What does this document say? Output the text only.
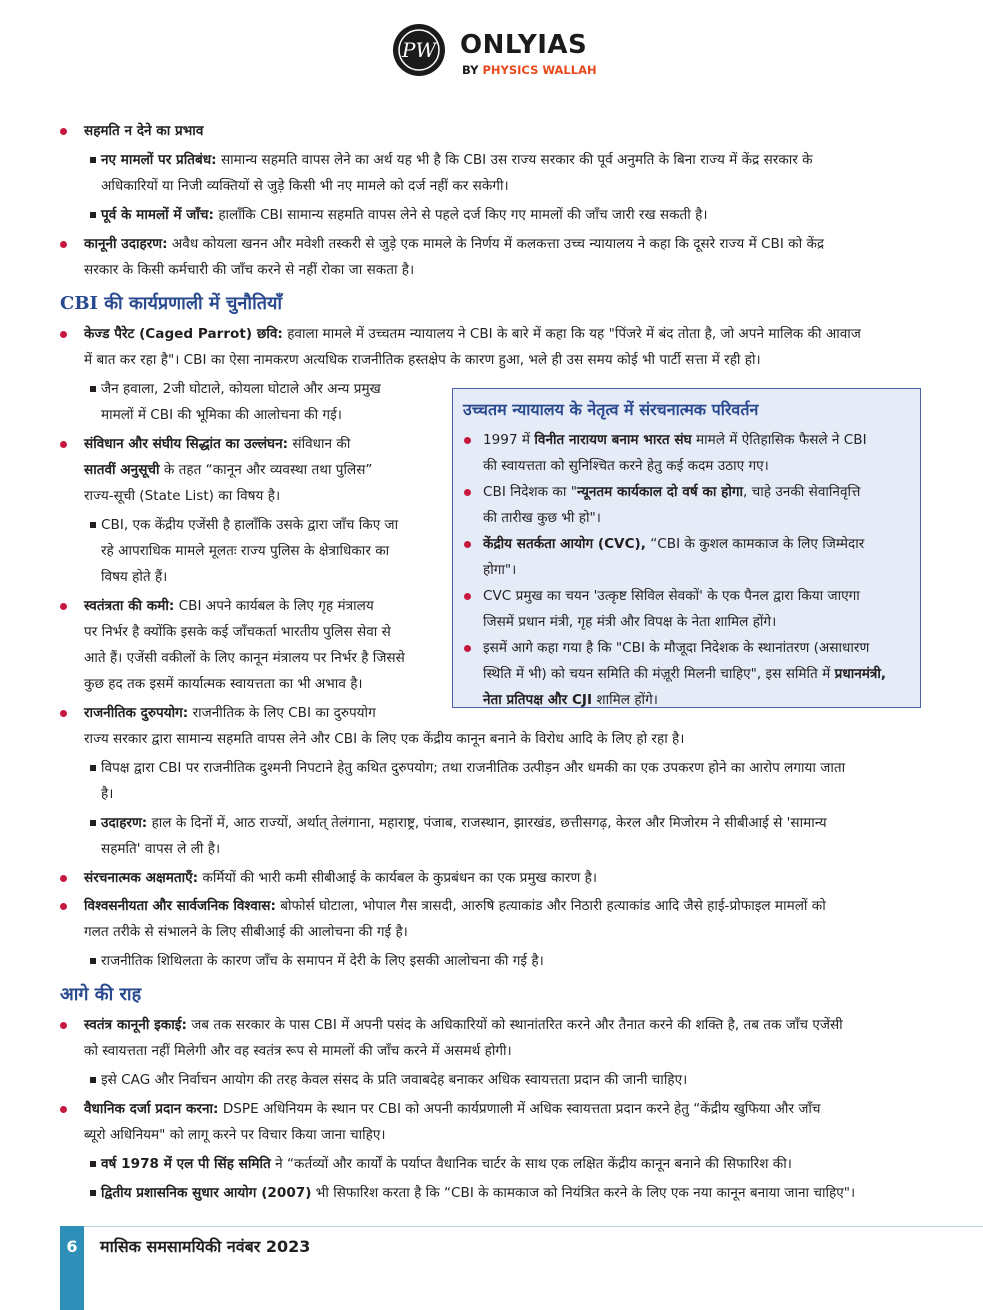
PW ONLYIAS
BY PHYSICS WALLAH
सहमति न देने का प्रभाव
नए मामलों पर प्रतिबंध: सामान्य सहमति वापस लेने का अर्थ यह भी है कि CBI उस राज्य सरकार की पूर्व अनुमति के बिना राज्य में केंद्र सरकार के
अधिकारियों या निजी व्यक्तियों से जुड़े किसी भी नए मामले को दर्ज नहीं कर सकेगी।
पूर्व के मामलों में जाँच: हालाँकि CBI सामान्य सहमति वापस लेने से पहले दर्ज किए गए मामलों की जाँच जारी रख सकती है।
कानूनी उदाहरण: अवैध कोयला खनन और मवेशी तस्करी से जुड़े एक मामले के निर्णय में कलकत्ता उच्च न्यायालय ने कहा कि दूसरे राज्य में CBI को केंद्र
सरकार के किसी कर्मचारी की जाँच करने से नहीं रोका जा सकता है।
CBI की कार्यप्रणाली में चुनौतियाँ
केज्ड पैरेट (Caged Parrot) छवि: हवाला मामले में उच्चतम न्यायालय ने CBI के बारे में कहा कि यह "पिंजरे में बंद तोता है, जो अपने मालिक की आवाज
में बात कर रहा है"। CBI का ऐसा नामकरण अत्यधिक राजनीतिक हस्तक्षेप के कारण हुआ, भले ही उस समय कोई भी पार्टी सत्ता में रही हो।
जैन हवाला, 2जी घोटाले, कोयला घोटाले और अन्य प्रमुख
मामलों में CBI की भूमिका की आलोचना की गई।
संविधान और संघीय सिद्धांत का उल्लंघन: संविधान की
सातवीं अनुसूची के तहत “कानून और व्यवस्था तथा पुलिस”
राज्य-सूची (State List) का विषय है।
CBI, एक केंद्रीय एजेंसी है हालाँकि उसके द्वारा जाँच किए जा
रहे आपराधिक मामले मूलतः राज्य पुलिस के क्षेत्राधिकार का
विषय होते हैं।
स्वतंत्रता की कमी: CBI अपने कार्यबल के लिए गृह मंत्रालय
पर निर्भर है क्योंकि इसके कई जाँचकर्ता भारतीय पुलिस सेवा से
आते हैं। एजेंसी वकीलों के लिए कानून मंत्रालय पर निर्भर है जिससे
कुछ हद तक इसमें कार्यात्मक स्वायत्तता का भी अभाव है।
राजनीतिक दुरुपयोग: राजनीतिक के लिए CBI का दुरुपयोग
राज्य सरकार द्वारा सामान्य सहमति वापस लेने और CBI के लिए एक केंद्रीय कानून बनाने के विरोध आदि के लिए हो रहा है।
विपक्ष द्वारा CBI पर राजनीतिक दुश्मनी निपटाने हेतु कथित दुरुपयोग; तथा राजनीतिक उत्पीड़न और धमकी का एक उपकरण होने का आरोप लगाया जाता
है।
उदाहरण: हाल के दिनों में, आठ राज्यों, अर्थात् तेलंगाना, महाराष्ट्र, पंजाब, राजस्थान, झारखंड, छत्तीसगढ़, केरल और मिजोरम ने सीबीआई से 'सामान्य
सहमति' वापस ले ली है।
संरचनात्मक अक्षमताएँ: कर्मियों की भारी कमी सीबीआई के कार्यबल के कुप्रबंधन का एक प्रमुख कारण है।
विश्वसनीयता और सार्वजनिक विश्वास: बोफोर्स घोटाला, भोपाल गैस त्रासदी, आरुषि हत्याकांड और निठारी हत्याकांड आदि जैसे हाई-प्रोफाइल मामलों को
गलत तरीके से संभालने के लिए सीबीआई की आलोचना की गई है।
राजनीतिक शिथिलता के कारण जाँच के समापन में देरी के लिए इसकी आलोचना की गई है।
आगे की राह
स्वतंत्र कानूनी इकाई: जब तक सरकार के पास CBI में अपनी पसंद के अधिकारियों को स्थानांतरित करने और तैनात करने की शक्ति है, तब तक जाँच एजेंसी
को स्वायत्तता नहीं मिलेगी और वह स्वतंत्र रूप से मामलों की जाँच करने में असमर्थ होगी।
इसे CAG और निर्वाचन आयोग की तरह केवल संसद के प्रति जवाबदेह बनाकर अधिक स्वायत्तता प्रदान की जानी चाहिए।
वैधानिक दर्जा प्रदान करना: DSPE अधिनियम के स्थान पर CBI को अपनी कार्यप्रणाली में अधिक स्वायत्तता प्रदान करने हेतु “केंद्रीय खुफिया और जाँच
ब्यूरो अधिनियम" को लागू करने पर विचार किया जाना चाहिए।
वर्ष 1978 में एल पी सिंह समिति ने “कर्तव्यों और कार्यों के पर्याप्त वैधानिक चार्टर के साथ एक लक्षित केंद्रीय कानून बनाने की सिफारिश की।
द्वितीय प्रशासनिक सुधार आयोग (2007) भी सिफारिश करता है कि “CBI के कामकाज को नियंत्रित करने के लिए एक नया कानून बनाया जाना चाहिए"।
उच्चतम न्यायालय के नेतृत्व में संरचनात्मक परिवर्तन
1997 में विनीत नारायण बनाम भारत संघ मामले में ऐतिहासिक फैसले ने CBI
की स्वायत्तता को सुनिश्चित करने हेतु कई कदम उठाए गए।
CBI निदेशक का "न्यूनतम कार्यकाल दो वर्ष का होगा, चाहे उनकी सेवानिवृत्ति
की तारीख कुछ भी हो"।
केंद्रीय सतर्कता आयोग (CVC), “CBI के कुशल कामकाज के लिए जिम्मेदार
होगा"।
CVC प्रमुख का चयन 'उत्कृष्ट सिविल सेवकों' के एक पैनल द्वारा किया जाएगा
जिसमें प्रधान मंत्री, गृह मंत्री और विपक्ष के नेता शामिल होंगे।
इसमें आगे कहा गया है कि "CBI के मौजूदा निदेशक के स्थानांतरण (असाधारण
स्थिति में भी) को चयन समिति की मंज़ूरी मिलनी चाहिए", इस समिति में प्रधानमंत्री,
नेता प्रतिपक्ष और CJI शामिल होंगे।
6	मासिक समसामयिकी नवंबर 2023
